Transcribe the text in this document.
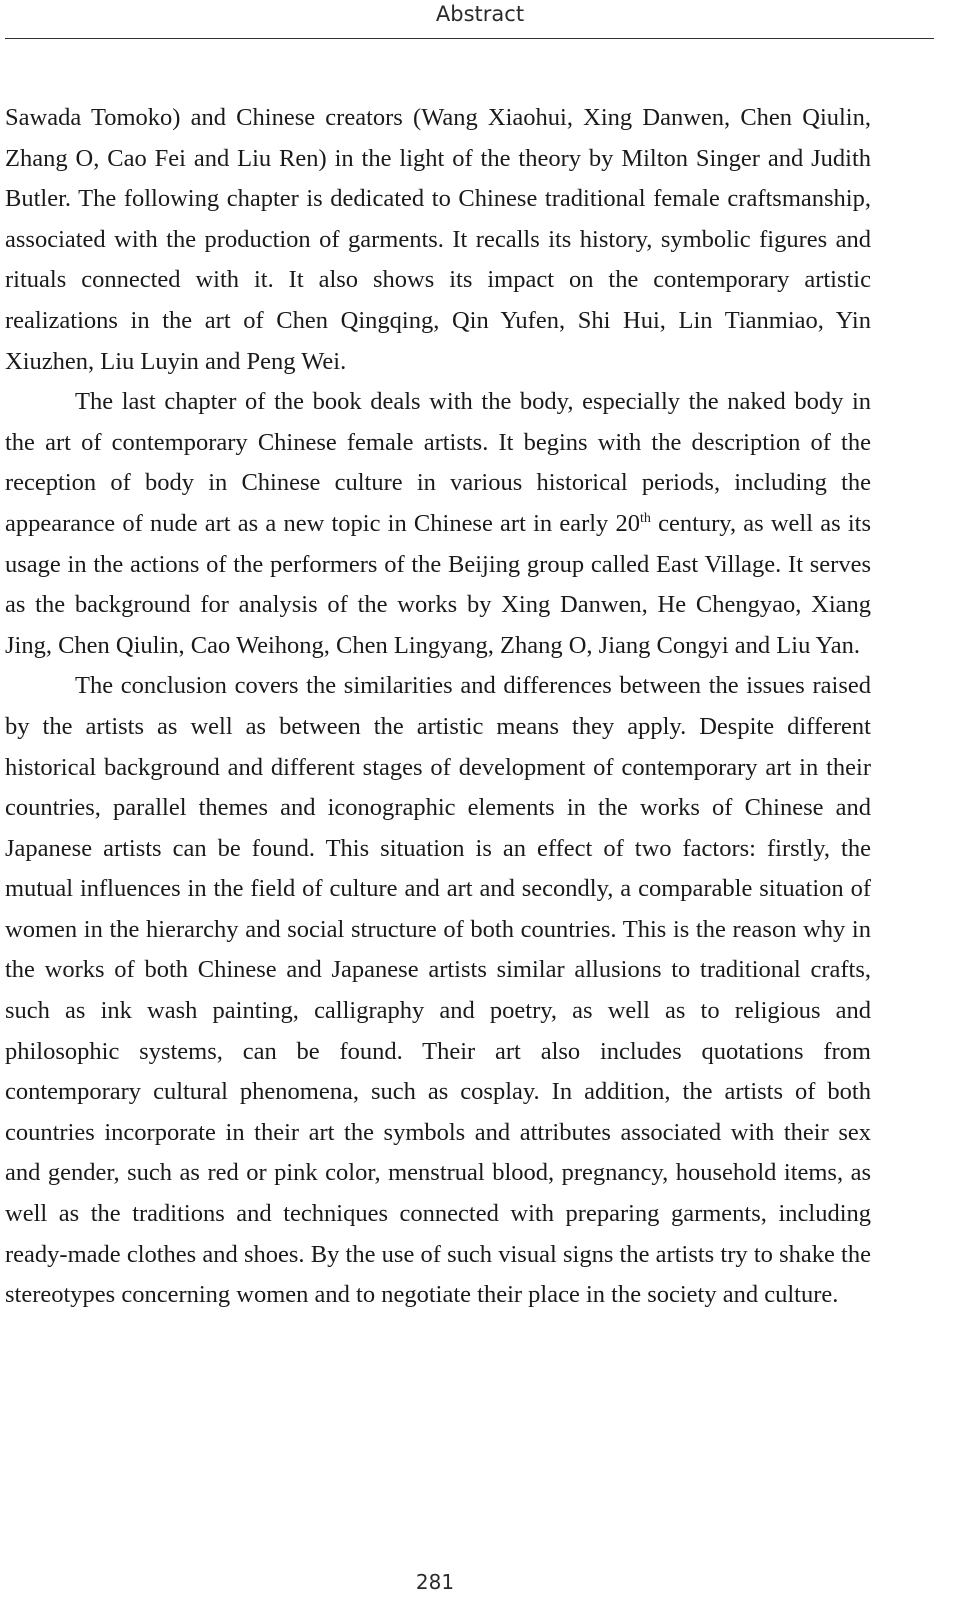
Abstract

Sawada Tomoko) and Chinese creators (Wang Xiaohui, Xing Danwen, Chen Qiulin, Zhang O, Cao Fei and Liu Ren) in the light of the theory by Milton Singer and Judith Butler. The following chapter is dedicated to Chinese traditional female craftsmanship, associated with the production of garments. It recalls its history, symbolic figures and rituals connected with it. It also shows its impact on the contemporary artistic realizations in the art of Chen Qingqing, Qin Yufen, Shi Hui, Lin Tianmiao, Yin Xiuzhen, Liu Luyin and Peng Wei.

The last chapter of the book deals with the body, especially the naked body in the art of contemporary Chinese female artists. It begins with the description of the reception of body in Chinese culture in various historical periods, including the appearance of nude art as a new topic in Chinese art in early 20th century, as well as its usage in the actions of the performers of the Beijing group called East Village. It serves as the background for analysis of the works by Xing Danwen, He Chengyao, Xiang Jing, Chen Qiulin, Cao Weihong, Chen Lingyang, Zhang O, Jiang Congyi and Liu Yan.

The conclusion covers the similarities and differences between the issues raised by the artists as well as between the artistic means they apply. Despite different historical background and different stages of development of contemporary art in their countries, parallel themes and iconographic elements in the works of Chinese and Japanese artists can be found. This situation is an effect of two factors: firstly, the mutual influences in the field of culture and art and secondly, a comparable situation of women in the hierarchy and social structure of both countries. This is the reason why in the works of both Chinese and Japanese artists similar allusions to traditional crafts, such as ink wash painting, calligraphy and poetry, as well as to religious and philosophic systems, can be found. Their art also includes quotations from contemporary cultural phenomena, such as cosplay. In addition, the artists of both countries incorporate in their art the symbols and attributes associated with their sex and gender, such as red or pink color, menstrual blood, pregnancy, household items, as well as the traditions and techniques connected with preparing garments, including ready-made clothes and shoes. By the use of such visual signs the artists try to shake the stereotypes concerning women and to negotiate their place in the society and culture.

281
